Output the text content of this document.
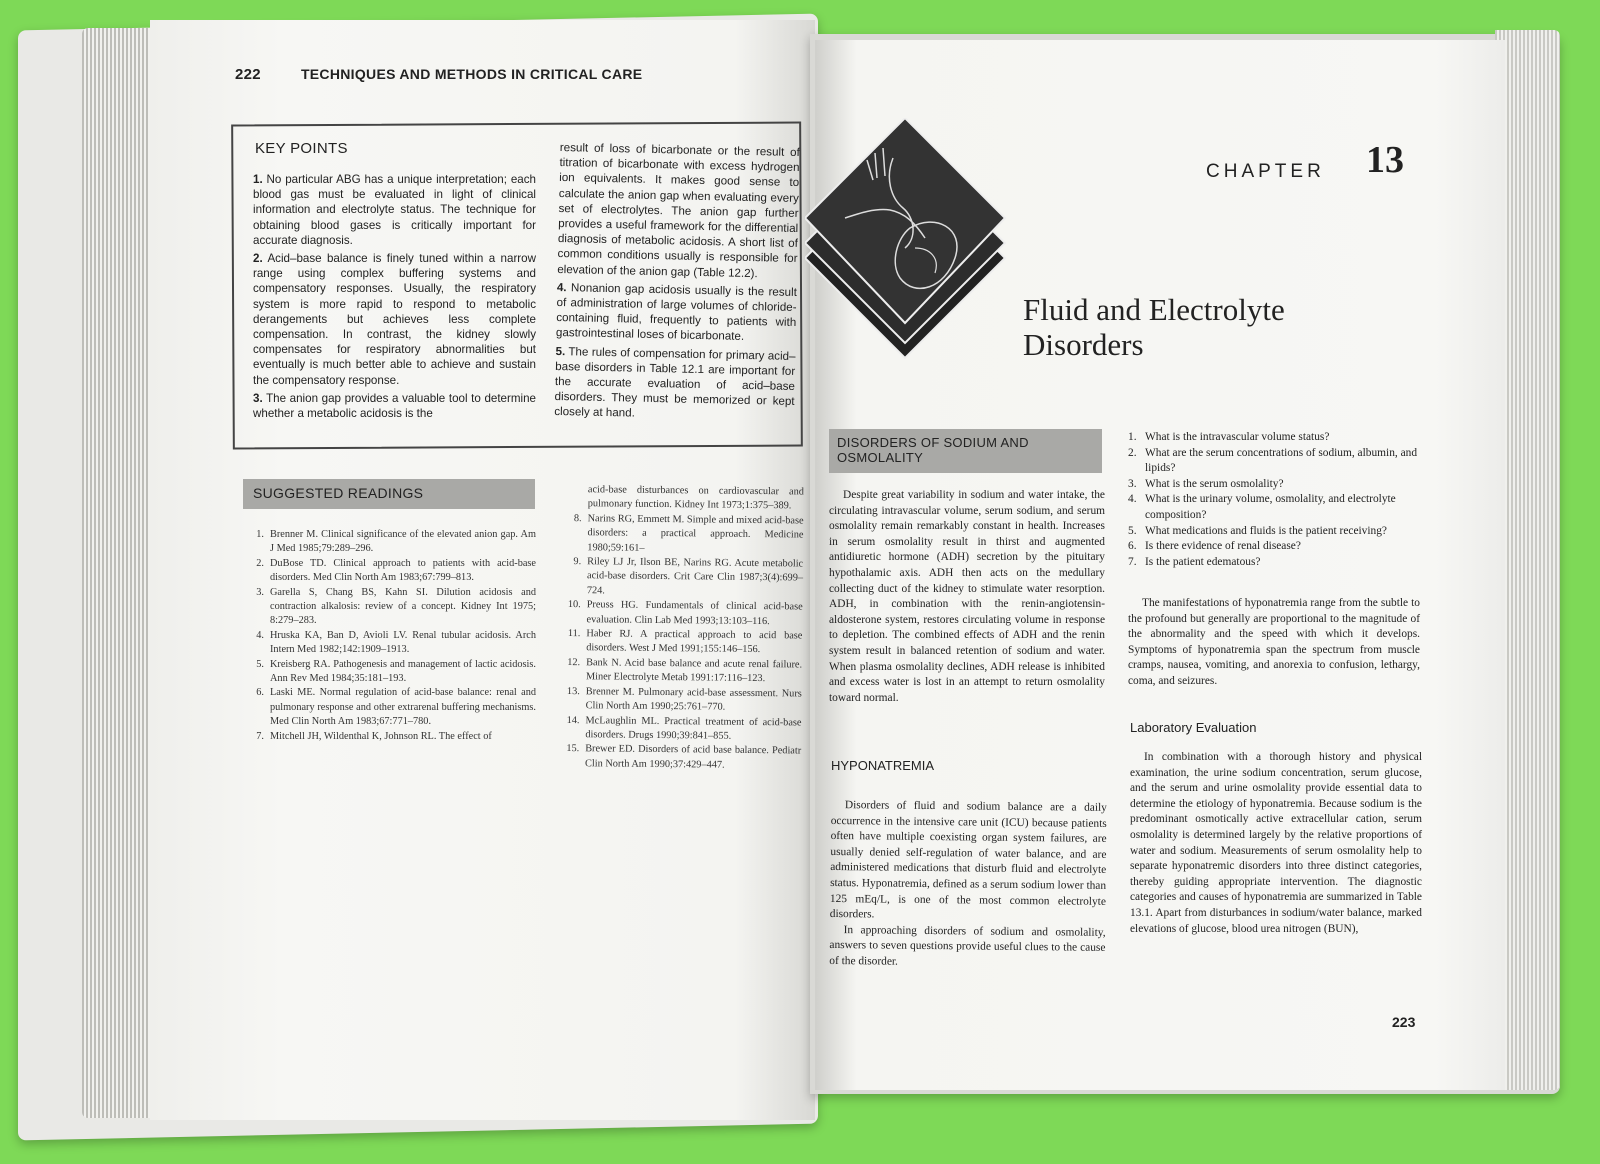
222	TECHNIQUES AND METHODS IN CRITICAL CARE
KEY POINTS

1. No particular ABG has a unique interpretation; each blood gas must be evaluated in light of clinical information and electrolyte status. The technique for obtaining blood gases is critically important for accurate diagnosis.

2. Acid–base balance is finely tuned within a narrow range using complex buffering systems and compensatory responses. Usually, the respiratory system is more rapid to respond to metabolic derangements but achieves less complete compensation. In contrast, the kidney slowly compensates for respiratory abnormalities but eventually is much better able to achieve and sustain the compensatory response.

3. The anion gap provides a valuable tool to determine whether a metabolic acidosis is the

result of loss of bicarbonate or the result of titration of bicarbonate with excess hydrogen ion equivalents. It makes good sense to calculate the anion gap when evaluating every set of electrolytes. The anion gap further provides a useful framework for the differential diagnosis of metabolic acidosis. A short list of common conditions usually is responsible for elevation of the anion gap (Table 12.2).

4. Nonanion gap acidosis usually is the result of administration of large volumes of chloride-containing fluid, frequently to patients with gastrointestinal loses of bicarbonate.

5. The rules of compensation for primary acid–base disorders in Table 12.1 are important for the accurate evaluation of acid–base disorders. They must be memorized or kept closely at hand.

SUGGESTED READINGS
1. Brenner M. Clinical significance of the elevated anion gap. Am J Med 1985;79:289–296.
2. DuBose TD. Clinical approach to patients with acid-base disorders. Med Clin North Am 1983;67:799–813.
3. Garella S, Chang BS, Kahn SI. Dilution acidosis and contraction alkalosis: review of a concept. Kidney Int 1975; 8:279–283.
4. Hruska KA, Ban D, Avioli LV. Renal tubular acidosis. Arch Intern Med 1982;142:1909–1913.
5. Kreisberg RA. Pathogenesis and management of lactic acidosis. Ann Rev Med 1984;35:181–193.
6. Laski ME. Normal regulation of acid-base balance: renal and pulmonary response and other extrarenal buffering mechanisms. Med Clin North Am 1983;67:771–780.
7. Mitchell JH, Wildenthal K, Johnson RL. The effect of
acid-base disturbances on cardiovascular and pulmonary function. Kidney Int 1973;1:375–389.
8. Narins RG, Emmett M. Simple and mixed acid-base disorders: a practical approach. Medicine 1980;59:161–
9. Riley LJ Jr, Ilson BE, Narins RG. Acute metabolic acid-base disorders. Crit Care Clin 1987;3(4):699–724.
10. Preuss HG. Fundamentals of clinical acid-base evaluation. Clin Lab Med 1993;13:103–116.
11. Haber RJ. A practical approach to acid base disorders. West J Med 1991;155:146–156.
12. Bank N. Acid base balance and acute renal failure. Miner Electrolyte Metab 1991:17:116–123.
13. Brenner M. Pulmonary acid-base assessment. Nurs Clin North Am 1990;25:761–770.
14. McLaughlin ML. Practical treatment of acid-base disorders. Drugs 1990;39:841–855.
15. Brewer ED. Disorders of acid base balance. Pediatr Clin North Am 1990;37:429–447.
CHAPTER 13
Fluid and Electrolyte
Disorders
DISORDERS OF SODIUM AND OSMOLALITY

Despite great variability in sodium and water intake, the circulating intravascular volume, serum sodium, and serum osmolality remain remarkably constant in health. Increases in serum osmolality result in thirst and augmented antidiuretic hormone (ADH) secretion by the pituitary hypothalamic axis. ADH then acts on the medullary collecting duct of the kidney to stimulate water resorption. ADH, in combination with the renin-angiotensin-aldosterone system, restores circulating volume in response to depletion. The combined effects of ADH and the renin system result in balanced retention of sodium and water. When plasma osmolality declines, ADH release is inhibited and excess water is lost in an attempt to return osmolality toward normal.

HYPONATREMIA

Disorders of fluid and sodium balance are a daily occurrence in the intensive care unit (ICU) because patients often have multiple coexisting organ system failures, are usually denied self-regulation of water balance, and are administered medications that disturb fluid and electrolyte status. Hyponatremia, defined as a serum sodium lower than 125 mEq/L, is one of the most common electrolyte disorders.

In approaching disorders of sodium and osmolality, answers to seven questions provide useful clues to the cause of the disorder.

1. What is the intravascular volume status?
2. What are the serum concentrations of sodium, albumin, and lipids?
3. What is the serum osmolality?
4. What is the urinary volume, osmolality, and electrolyte composition?
5. What medications and fluids is the patient receiving?
6. Is there evidence of renal disease?
7. Is the patient edematous?

The manifestations of hyponatremia range from the subtle to the profound but generally are proportional to the magnitude of the abnormality and the speed with which it develops. Symptoms of hyponatremia span the spectrum from muscle cramps, nausea, vomiting, and anorexia to confusion, lethargy, coma, and seizures.

Laboratory Evaluation

In combination with a thorough history and physical examination, the urine sodium concentration, serum glucose, and the serum and urine osmolality provide essential data to determine the etiology of hyponatremia. Because sodium is the predominant osmotically active extracellular cation, serum osmolality is determined largely by the relative proportions of water and sodium. Measurements of serum osmolality help to separate hyponatremic disorders into three distinct categories, thereby guiding appropriate intervention. The diagnostic categories and causes of hyponatremia are summarized in Table 13.1. Apart from disturbances in sodium/water balance, marked elevations of glucose, blood urea nitrogen (BUN),

223
